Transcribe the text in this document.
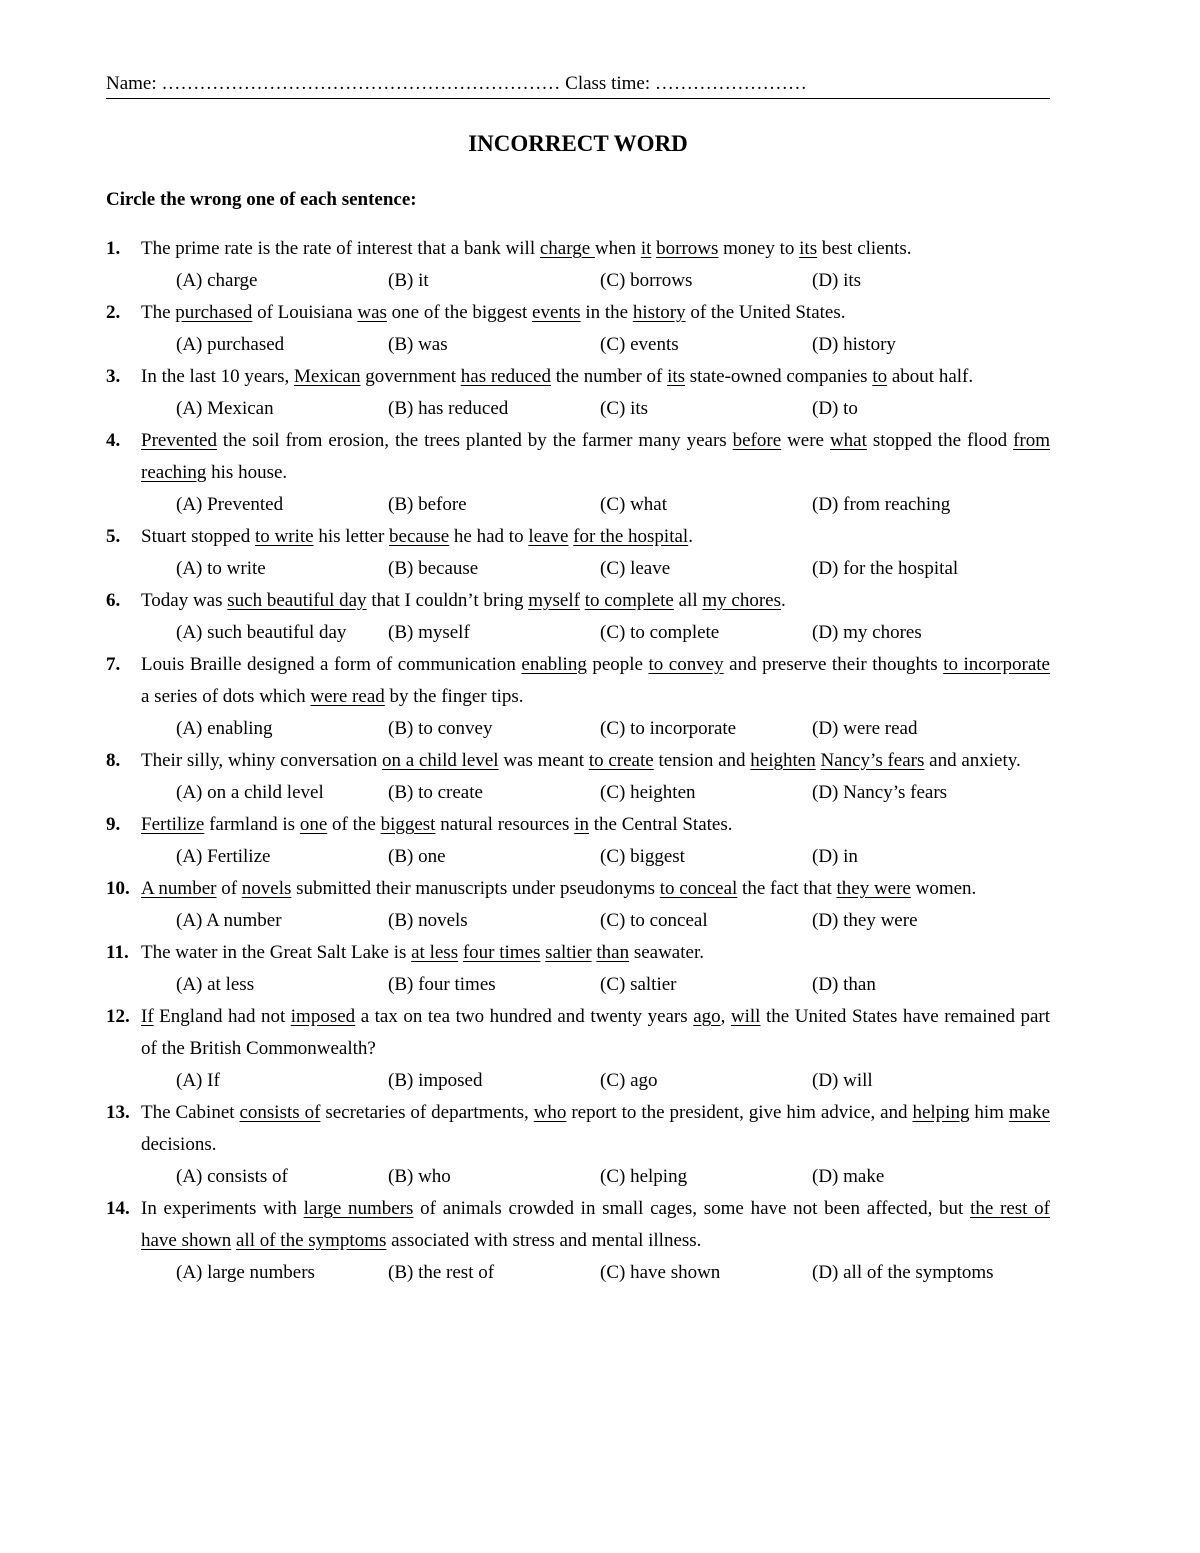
Name: ……………………………………………………… Class time: ……………………
INCORRECT WORD
Circle the wrong one of each sentence:
1.	The prime rate is the rate of interest that a bank will charge when it borrows money to its best clients.
(A) charge	(B) it	(C) borrows	(D) its
2.	The purchased of Louisiana was one of the biggest events in the history of the United States.
(A) purchased	(B) was	(C) events	(D) history
3.	In the last 10 years, Mexican government has reduced the number of its state-owned companies to about half.
(A) Mexican	(B) has reduced	(C) its	(D) to
4.	Prevented the soil from erosion, the trees planted by the farmer many years before were what stopped the flood from reaching his house.
(A) Prevented	(B) before	(C) what	(D) from reaching
5.	Stuart stopped to write his letter because he had to leave for the hospital.
(A) to write	(B) because	(C) leave	(D) for the hospital
6.	Today was such beautiful day that I couldn’t bring myself to complete all my chores.
(A) such beautiful day	(B) myself	(C) to complete	(D) my chores
7.	Louis Braille designed a form of communication enabling people to convey and preserve their thoughts to incorporate a series of dots which were read by the finger tips.
(A) enabling	(B) to convey	(C) to incorporate	(D) were read
8.	Their silly, whiny conversation on a child level was meant to create tension and heighten Nancy’s fears and anxiety.
(A) on a child level	(B) to create	(C) heighten	(D) Nancy’s fears
9.	Fertilize farmland is one of the biggest natural resources in the Central States.
(A) Fertilize	(B) one	(C) biggest	(D) in
10. A number of novels submitted their manuscripts under pseudonyms to conceal the fact that they were women.
(A) A number	(B) novels	(C) to conceal	(D) they were
11. The water in the Great Salt Lake is at less four times saltier than seawater.
(A) at less	(B) four times	(C) saltier	(D) than
12. If England had not imposed a tax on tea two hundred and twenty years ago, will the United States have remained part of the British Commonwealth?
(A) If	(B) imposed	(C) ago	(D) will
13. The Cabinet consists of secretaries of departments, who report to the president, give him advice, and helping him make decisions.
(A) consists of	(B) who	(C) helping	(D) make
14. In experiments with large numbers of animals crowded in small cages, some have not been affected, but the rest of have shown all of the symptoms associated with stress and mental illness.
(A) large numbers	(B) the rest of	(C) have shown	(D) all of the symptoms
